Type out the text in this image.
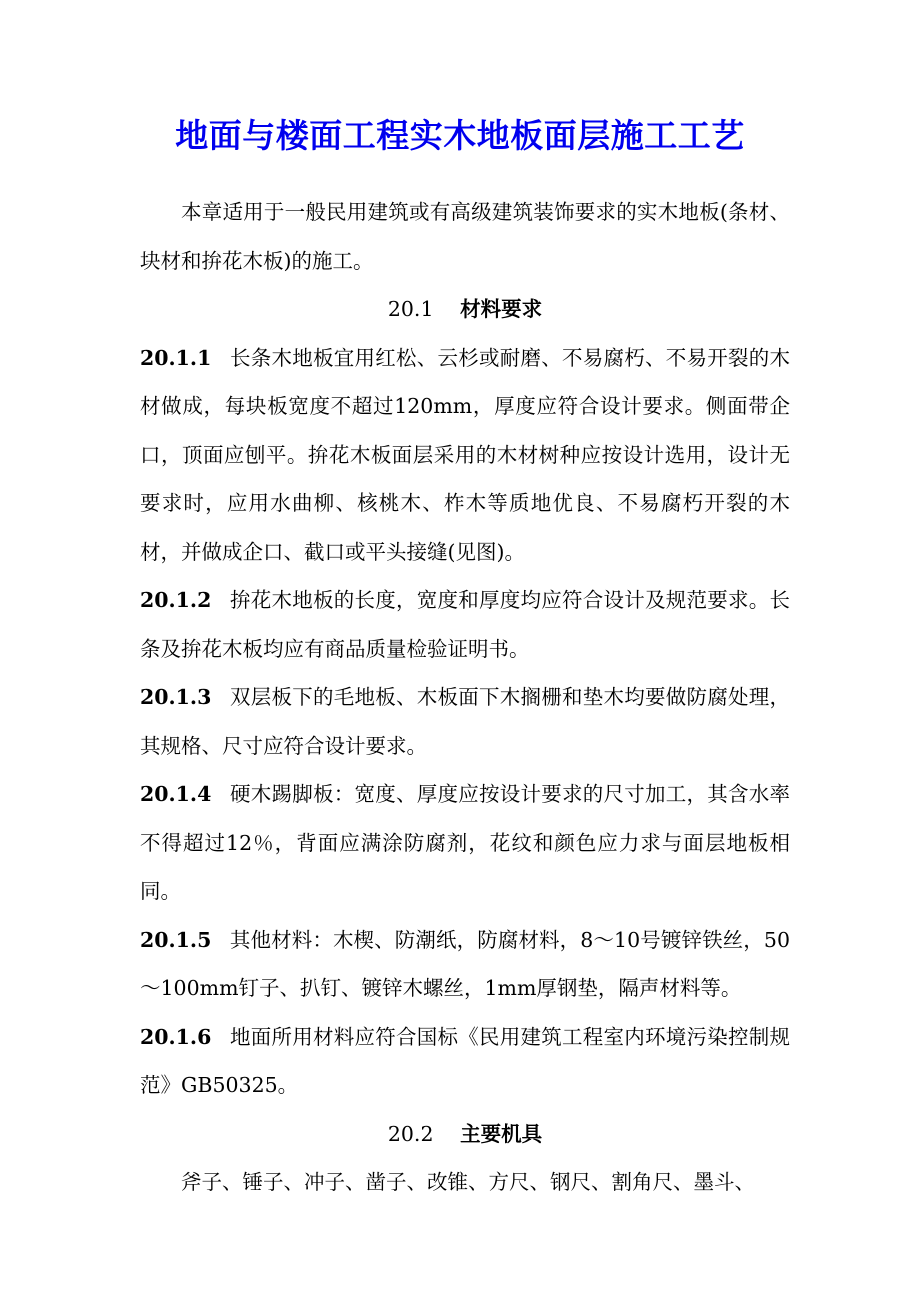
地面与楼面工程实木地板面层施工工艺

本章适用于一般民用建筑或有高级建筑装饰要求的实木地板(条材、块材和拚花木板)的施工。

20.1 材料要求

20.1.1 长条木地板宜用红松、云杉或耐磨、不易腐朽、不易开裂的木材做成，每块板宽度不超过120mm，厚度应符合设计要求。侧面带企口，顶面应刨平。拚花木板面层采用的木材树种应按设计选用，设计无要求时，应用水曲柳、核桃木、柞木等质地优良、不易腐朽开裂的木材，并做成企口、截口或平头接缝(见图)。

20.1.2 拚花木地板的长度，宽度和厚度均应符合设计及规范要求。长条及拚花木板均应有商品质量检验证明书。

20.1.3 双层板下的毛地板、木板面下木搁栅和垫木均要做防腐处理，其规格、尺寸应符合设计要求。

20.1.4 硬木踢脚板：宽度、厚度应按设计要求的尺寸加工，其含水率不得超过12％，背面应满涂防腐剂，花纹和颜色应力求与面层地板相同。

20.1.5 其他材料：木楔、防潮纸，防腐材料，8～10号镀锌铁丝，50～100mm钉子、扒钉、镀锌木螺丝，1mm厚钢垫，隔声材料等。

20.1.6 地面所用材料应符合国标《民用建筑工程室内环境污染控制规范》GB50325。

20.2 主要机具

斧子、锤子、冲子、凿子、改锥、方尺、钢尺、割角尺、墨斗、
